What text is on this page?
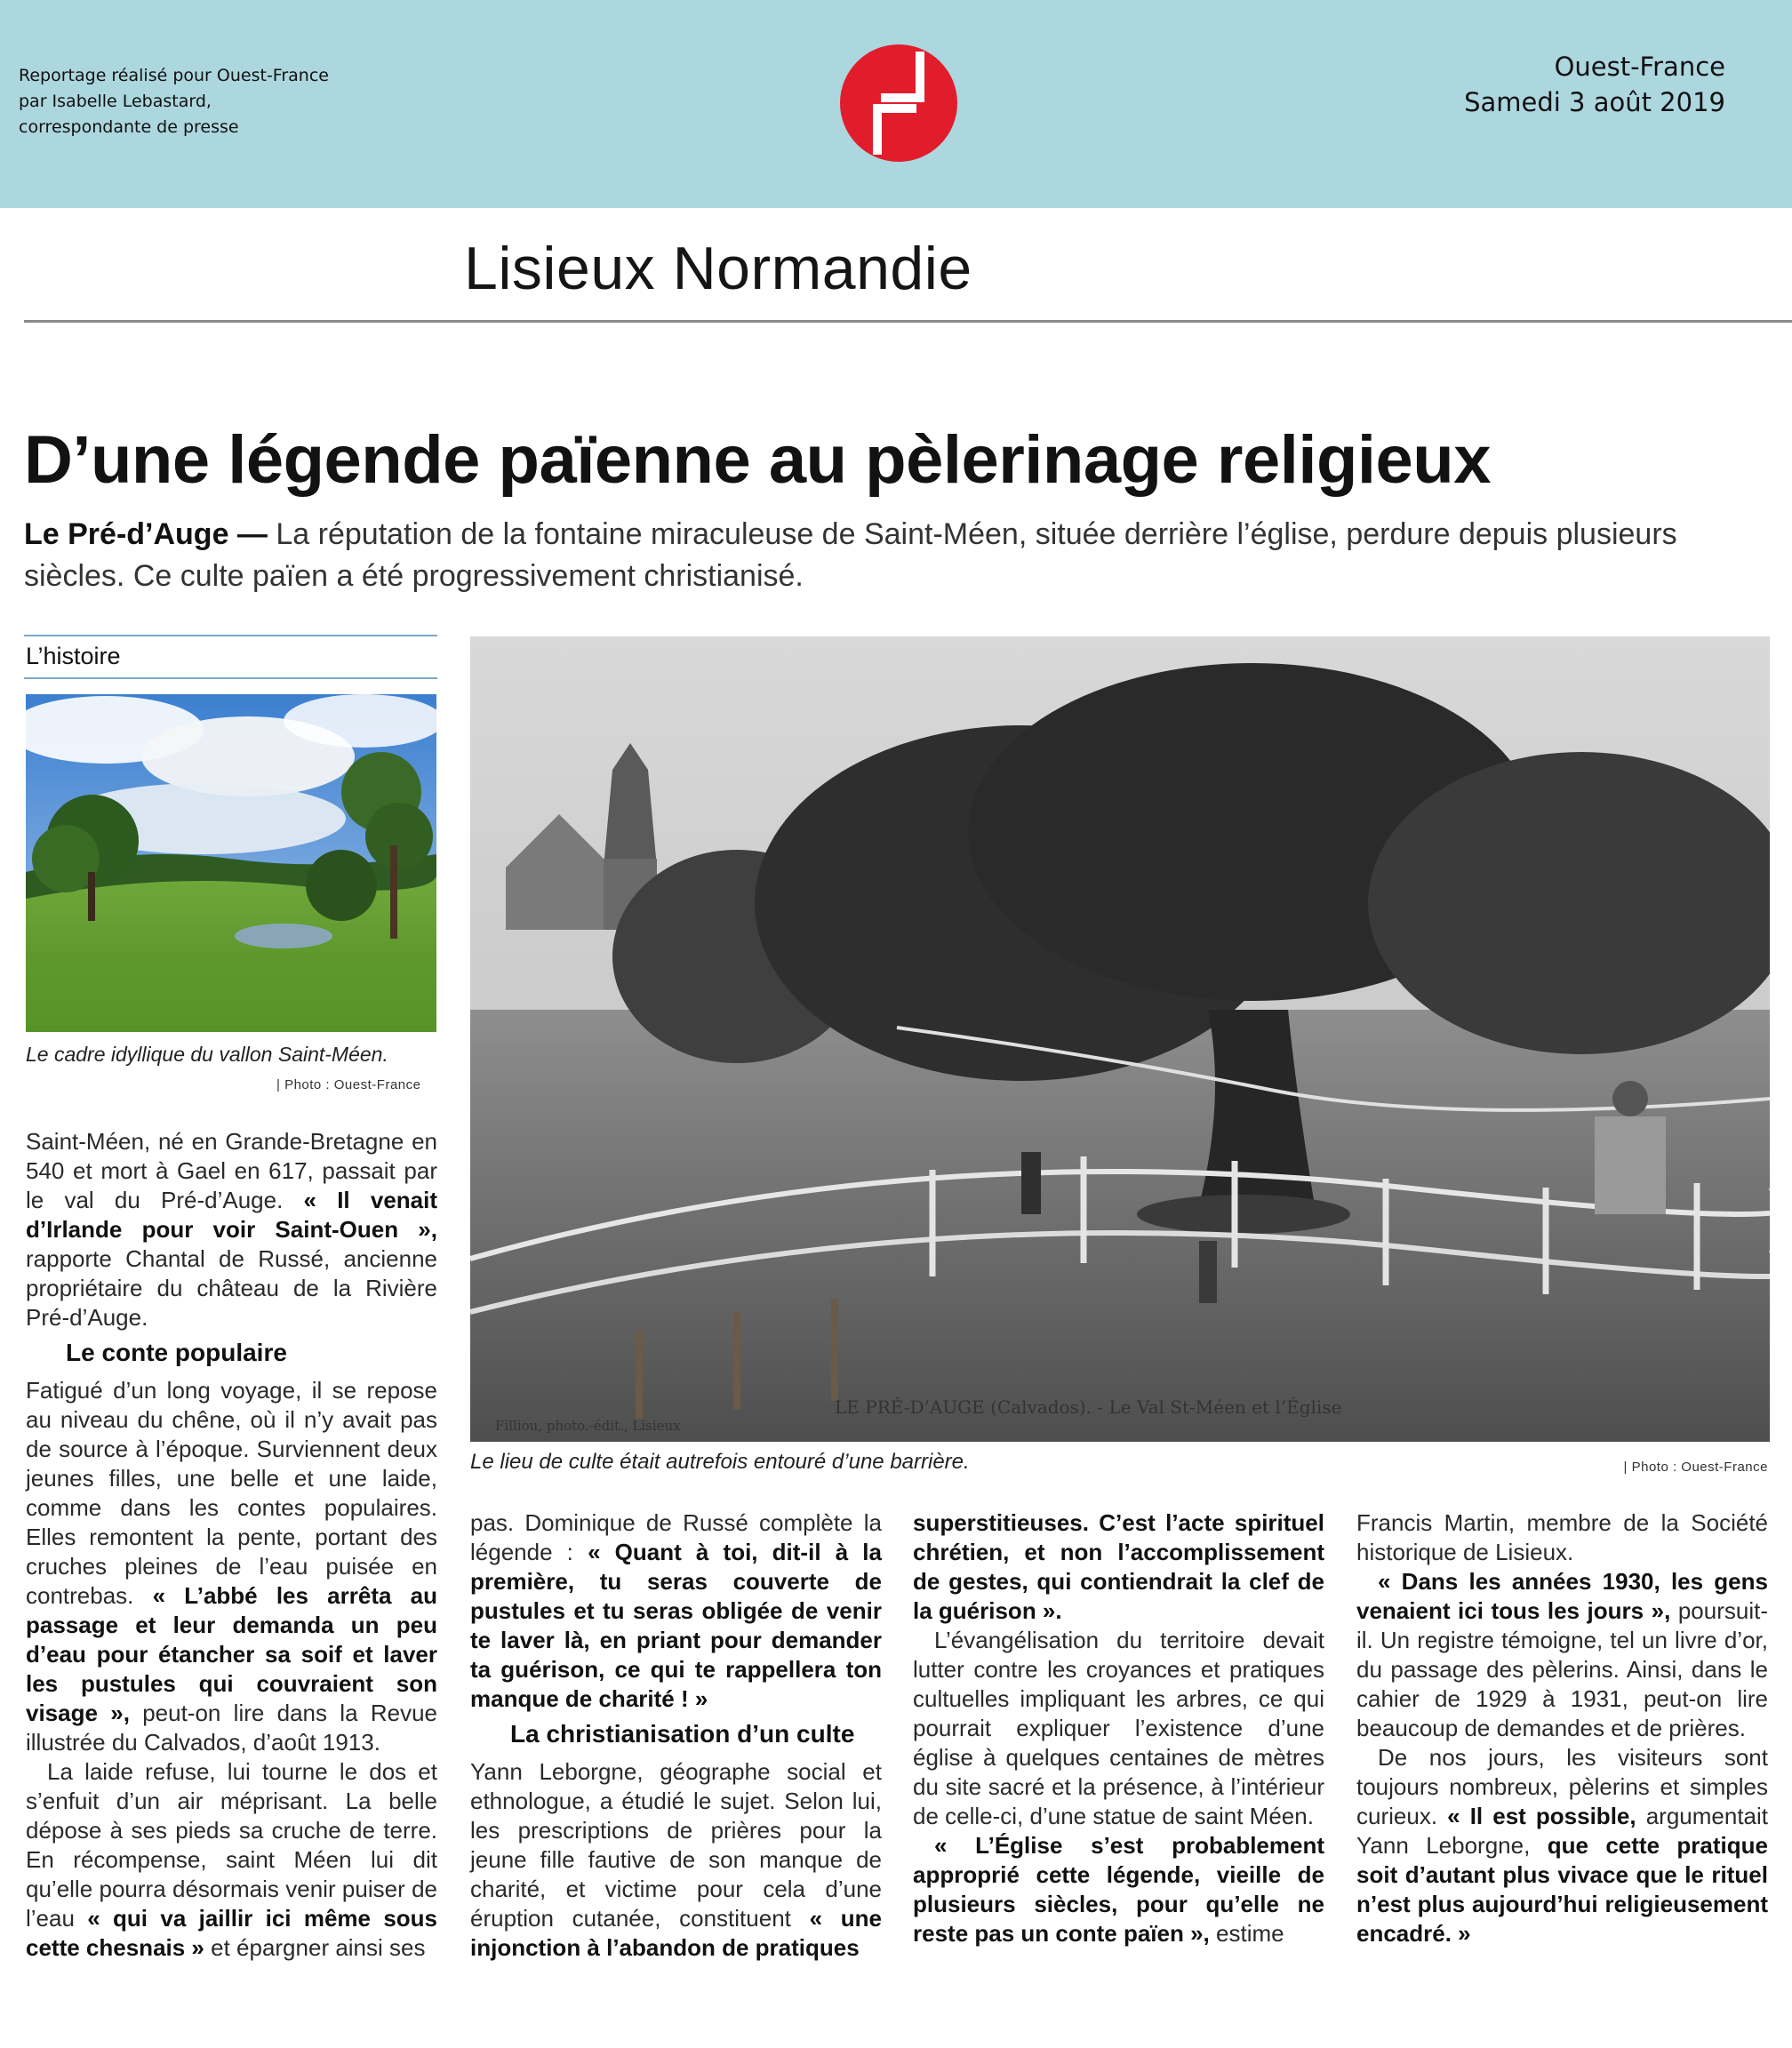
Reportage réalisé pour Ouest-France
par Isabelle Lebastard,
correspondante de presse
Ouest-France
Samedi 3 août 2019
Lisieux Normandie
D’une légende païenne au pèlerinage religieux
Le Pré-d’Auge — La réputation de la fontaine miraculeuse de Saint-Méen, située derrière l’église, perdure depuis plusieurs siècles. Ce culte païen a été progressivement christianisé.
L’histoire
Le cadre idyllique du vallon Saint-Méen.
| Photo : Ouest-France
Filliou, photo.-édit., Lisieux
LE PRÉ-D’AUGE (Calvados). - Le Val St-Méen et l’Église
Le lieu de culte était autrefois entouré d’une barrière.	| Photo : Ouest-France

Saint-Méen, né en Grande-Bretagne en 540 et mort à Gael en 617, passait par le val du Pré-d’Auge. « Il venait d’Irlande pour voir Saint-Ouen », rapporte Chantal de Russé, ancienne propriétaire du château de la Rivière Pré-d’Auge.

Le conte populaire

Fatigué d’un long voyage, il se repose au niveau du chêne, où il n’y avait pas de source à l’époque. Surviennent deux jeunes filles, une belle et une laide, comme dans les contes populaires. Elles remontent la pente, portant des cruches pleines de l’eau puisée en contrebas. « L’abbé les arrêta au passage et leur demanda un peu d’eau pour étancher sa soif et laver les pustules qui couvraient son visage », peut-on lire dans la Revue illustrée du Calvados, d’août 1913.

La laide refuse, lui tourne le dos et s’enfuit d’un air méprisant. La belle dépose à ses pieds sa cruche de terre. En récompense, saint Méen lui dit qu’elle pourra désormais venir puiser de l’eau « qui va jaillir ici même sous cette chesnais » et épargner ainsi ses

pas. Dominique de Russé complète la légende : « Quant à toi, dit-il à la première, tu seras couverte de pustules et tu seras obligée de venir te laver là, en priant pour demander ta guérison, ce qui te rappellera ton manque de charité ! »

La christianisation d’un culte

Yann Leborgne, géographe social et ethnologue, a étudié le sujet. Selon lui, les prescriptions de prières pour la jeune fille fautive de son manque de charité, et victime pour cela d’une éruption cutanée, constituent « une injonction à l’abandon de pratiques

superstitieuses. C’est l’acte spirituel chrétien, et non l’accomplissement de gestes, qui contiendrait la clef de la guérison ».

L’évangélisation du territoire devait lutter contre les croyances et pratiques cultuelles impliquant les arbres, ce qui pourrait expliquer l’existence d’une église à quelques centaines de mètres du site sacré et la présence, à l’intérieur de celle-ci, d’une statue de saint Méen.

« L’Église s’est probablement approprié cette légende, vieille de plusieurs siècles, pour qu’elle ne reste pas un conte païen », estime

Francis Martin, membre de la Société historique de Lisieux.

« Dans les années 1930, les gens venaient ici tous les jours », poursuit-il. Un registre témoigne, tel un livre d’or, du passage des pèlerins. Ainsi, dans le cahier de 1929 à 1931, peut-on lire beaucoup de demandes et de prières.

De nos jours, les visiteurs sont toujours nombreux, pèlerins et simples curieux. « Il est possible, argumentait Yann Leborgne, que cette pratique soit d’autant plus vivace que le rituel n’est plus aujourd’hui religieusement encadré. »
